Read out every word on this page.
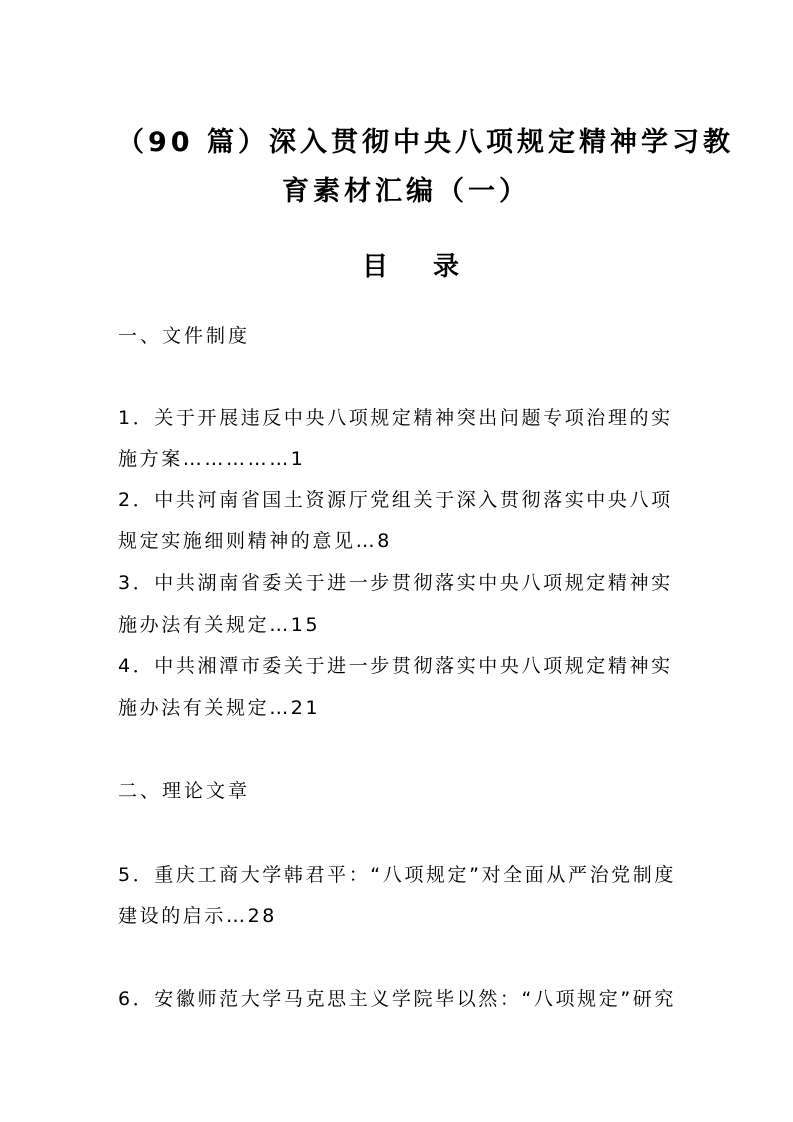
（90 篇）深入贯彻中央八项规定精神学习教
育素材汇编（一）
目 录
一、文件制度
1．关于开展违反中央八项规定精神突出问题专项治理的实
施方案……………1
2．中共河南省国土资源厅党组关于深入贯彻落实中央八项
规定实施细则精神的意见…8
3．中共湖南省委关于进一步贯彻落实中央八项规定精神实
施办法有关规定…15
4．中共湘潭市委关于进一步贯彻落实中央八项规定精神实
施办法有关规定…21
二、理论文章
5．重庆工商大学韩君平：“八项规定”对全面从严治党制度
建设的启示…28
6．安徽师范大学马克思主义学院毕以然：“八项规定”研究
